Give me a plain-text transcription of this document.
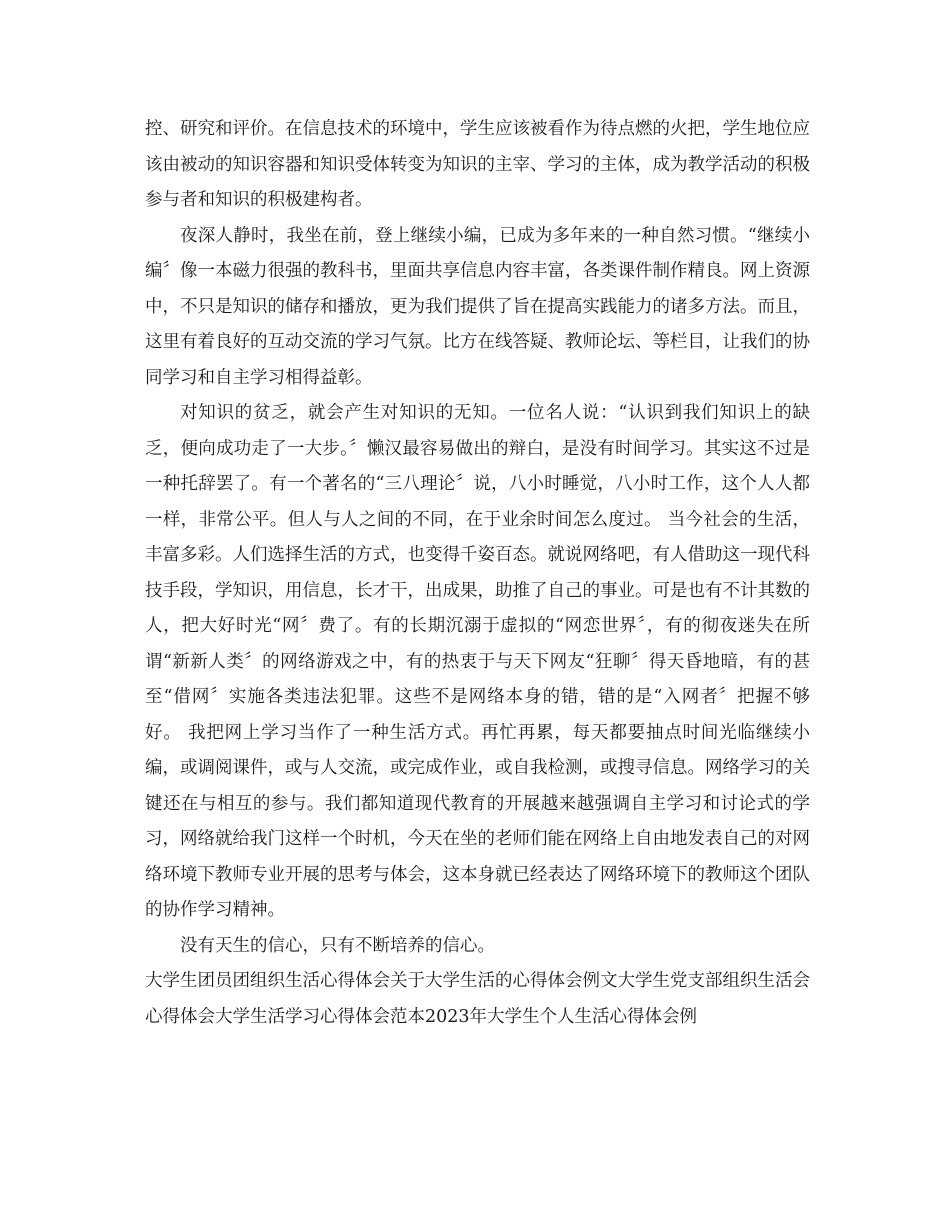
控、研究和评价。在信息技术的环境中，学生应该被看作为待点燃的火把，学生地位应该由被动的知识容器和知识受体转变为知识的主宰、学习的主体，成为教学活动的积极参与者和知识的积极建构者。

夜深人静时，我坐在前，登上继续小编，已成为多年来的一种自然习惯。“继续小编〞像一本磁力很强的教科书，里面共享信息内容丰富，各类课件制作精良。网上资源中，不只是知识的储存和播放，更为我们提供了旨在提高实践能力的诸多方法。而且，这里有着良好的互动交流的学习气氛。比方在线答疑、教师论坛、等栏目，让我们的协同学习和自主学习相得益彰。

对知识的贫乏，就会产生对知识的无知。一位名人说：“认识到我们知识上的缺乏，便向成功走了一大步。〞懒汉最容易做出的辩白，是没有时间学习。其实这不过是一种托辞罢了。有一个著名的“三八理论〞说，八小时睡觉，八小时工作，这个人人都一样，非常公平。但人与人之间的不同，在于业余时间怎么度过。 当今社会的生活，丰富多彩。人们选择生活的方式，也变得千姿百态。就说网络吧，有人借助这一现代科技手段，学知识，用信息，长才干，出成果，助推了自己的事业。可是也有不计其数的人，把大好时光“网〞费了。有的长期沉溺于虚拟的“网恋世界〞，有的彻夜迷失在所谓“新新人类〞的网络游戏之中，有的热衷于与天下网友“狂聊〞得天昏地暗，有的甚至“借网〞实施各类违法犯罪。这些不是网络本身的错，错的是“入网者〞把握不够好。 我把网上学习当作了一种生活方式。再忙再累，每天都要抽点时间光临继续小编，或调阅课件，或与人交流，或完成作业，或自我检测，或搜寻信息。网络学习的关键还在与相互的参与。我们都知道现代教育的开展越来越强调自主学习和讨论式的学习，网络就给我门这样一个时机，今天在坐的老师们能在网络上自由地发表自己的对网络环境下教师专业开展的思考与体会，这本身就已经表达了网络环境下的教师这个团队的协作学习精神。

没有天生的信心，只有不断培养的信心。

大学生团员团组织生活心得体会关于大学生活的心得体会例文大学生党支部组织生活会心得体会大学生活学习心得体会范本2023年大学生个人生活心得体会例
